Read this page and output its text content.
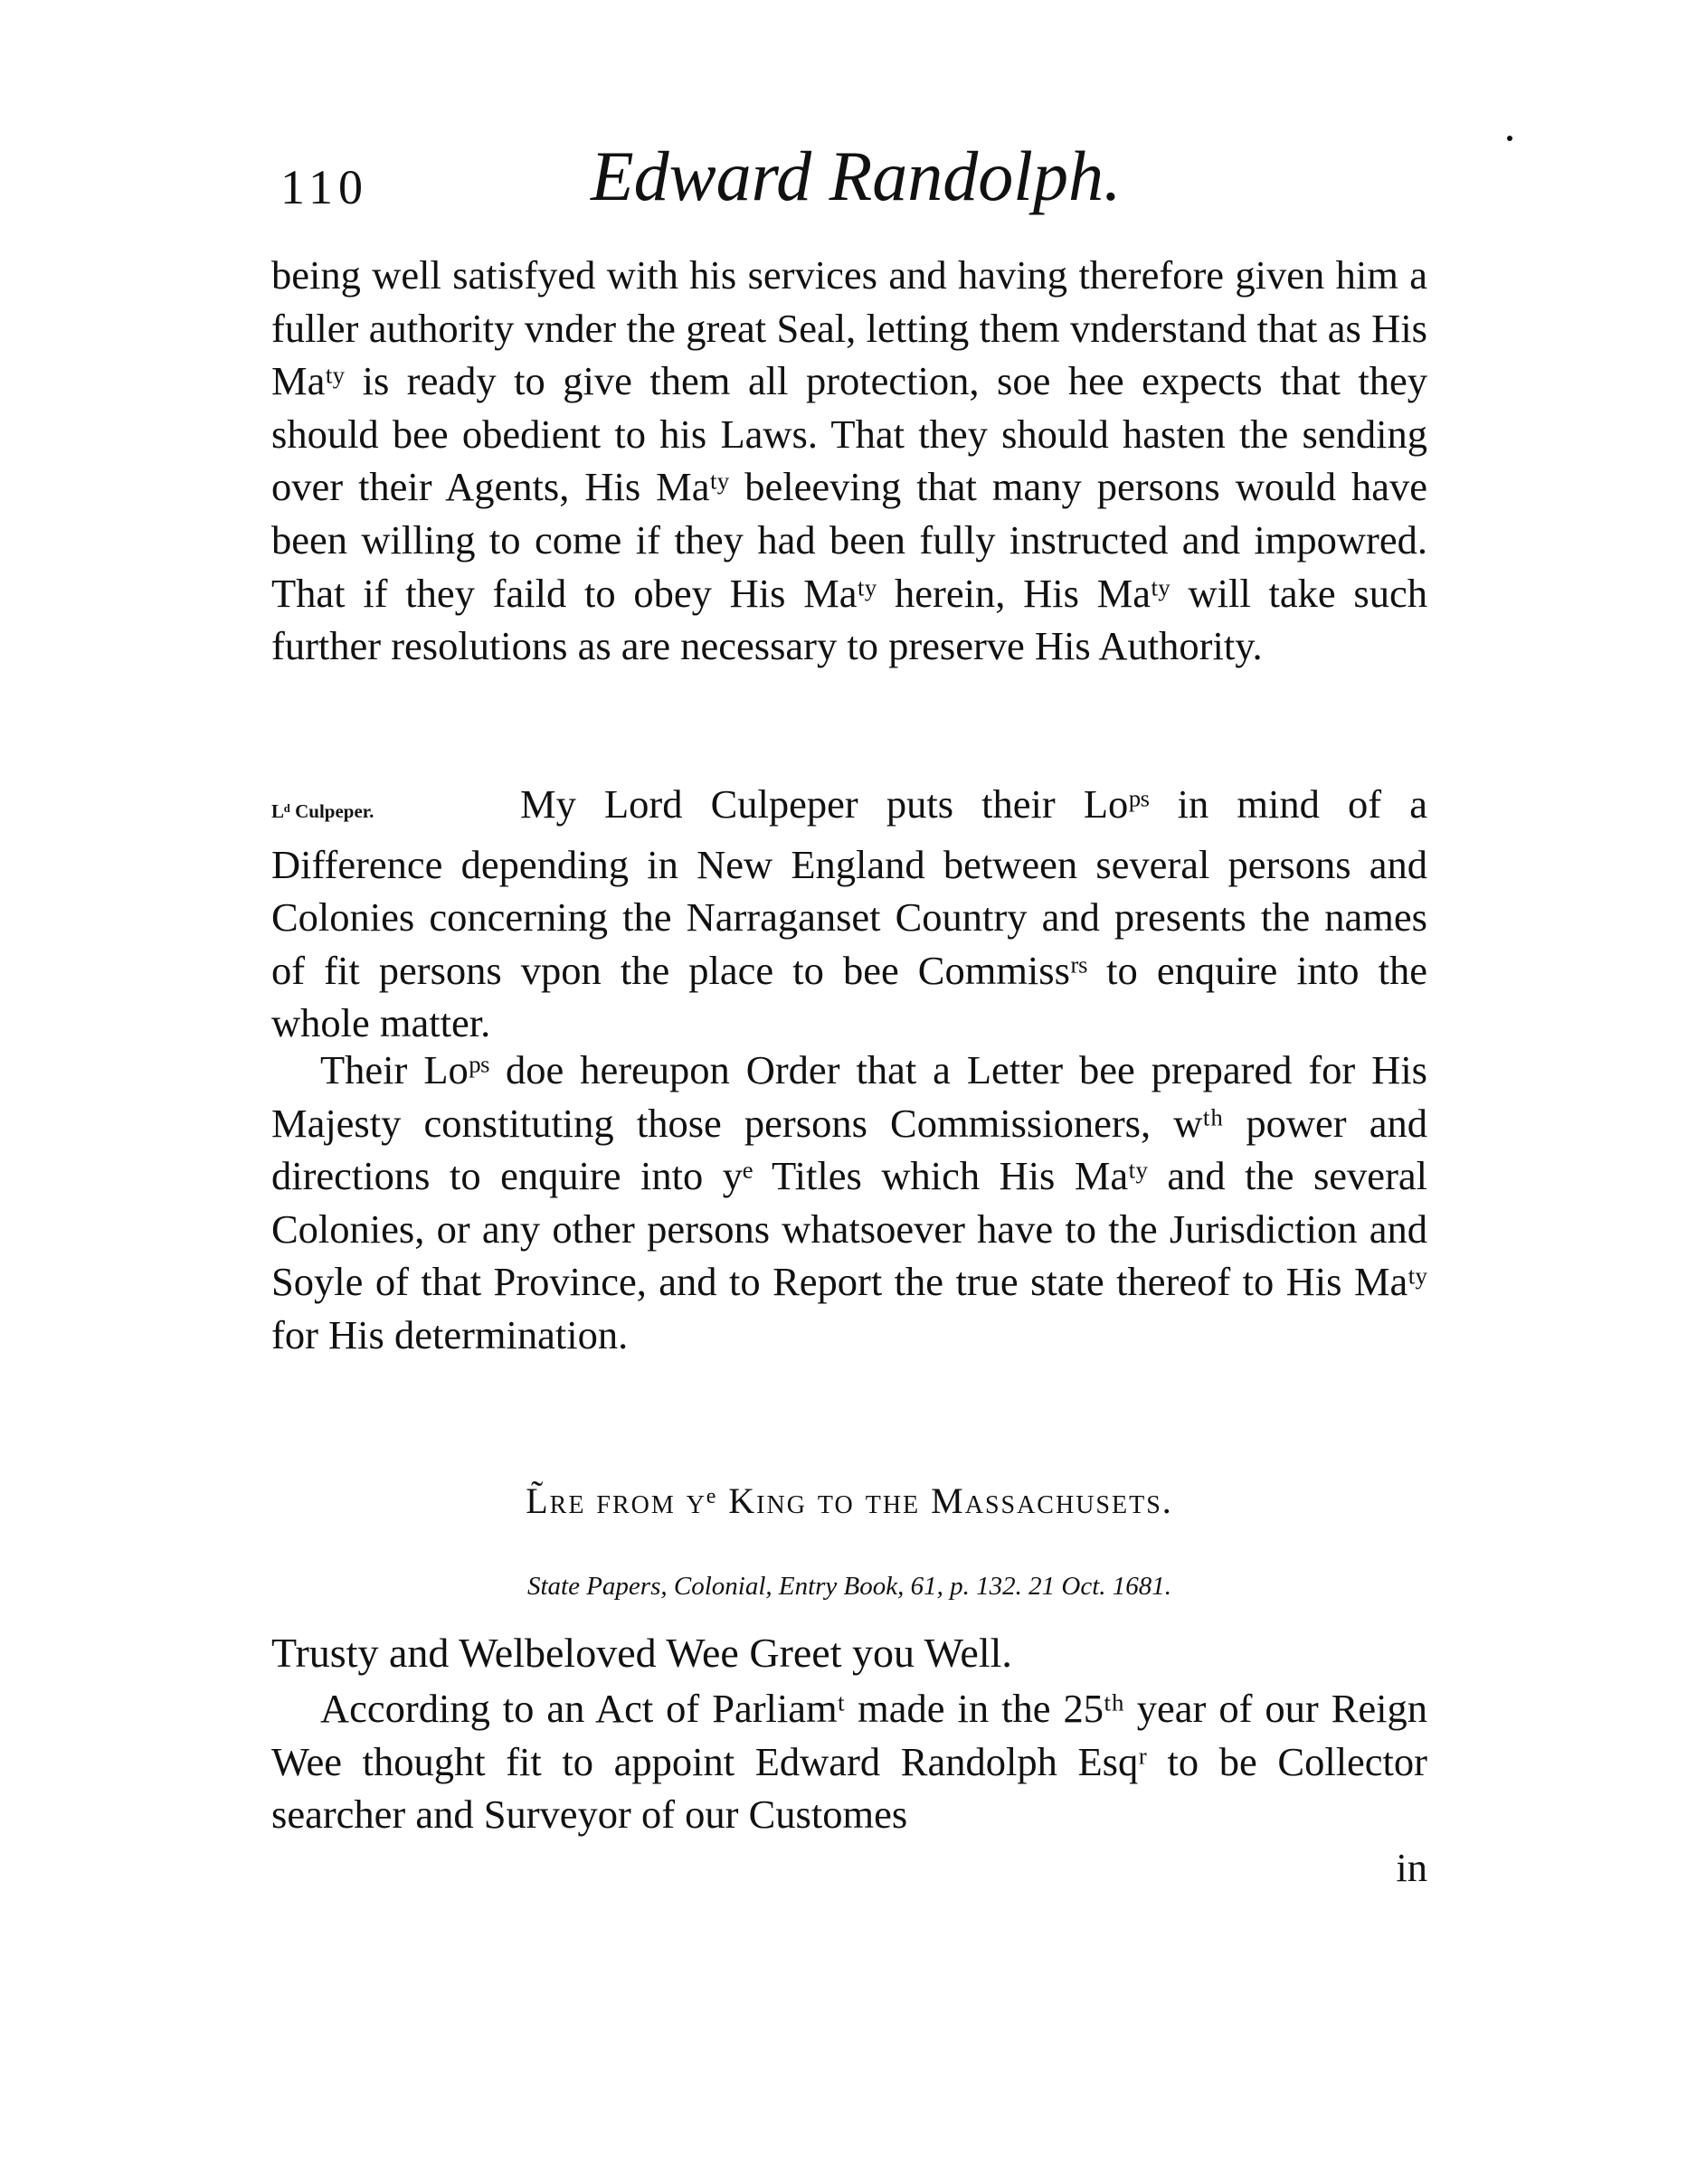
110	Edward Randolph.

being well satisfyed with his services and having therefore given him a fuller authority vnder the great Seal, letting them vnderstand that as His Maᵗʸ is ready to give them all protection, soe hee expects that they should bee obedient to his Laws. That they should hasten the sending over their Agents, His Maᵗʸ beleeving that many persons would have been willing to come if they had been fully instructed and impowred. That if they faild to obey His Maᵗʸ herein, His Maᵗʸ will take such further resolutions as are necessary to preserve His Authority.

Lᵈ Culpeper.	My Lord Culpeper puts their Loᵖˢ in mind of a Difference depending in New England between several persons and Colonies concerning the Narraganset Country and presents the names of fit persons vpon the place to bee Commissʳˢ to enquire into the whole matter.

Their Loᵖˢ doe hereupon Order that a Letter bee prepared for His Majesty constituting those persons Commissioners, wᵗʰ power and directions to enquire into yᵉ Titles which His Maᵗʸ and the several Colonies, or any other persons whatsoever have to the Jurisdiction and Soyle of that Province, and to Report the true state thereof to His Maᵗʸ for His determination.

L̃re from yᵉ King to the Massachusets.
State Papers, Colonial, Entry Book, 61, p. 132. 21 Oct. 1681.

Trusty and Welbeloved Wee Greet you Well.

According to an Act of Parliamᵗ made in the 25ᵗʰ year of our Reign Wee thought fit to appoint Edward Randolph Esqʳ to be Collector searcher and Surveyor of our Customes

in
